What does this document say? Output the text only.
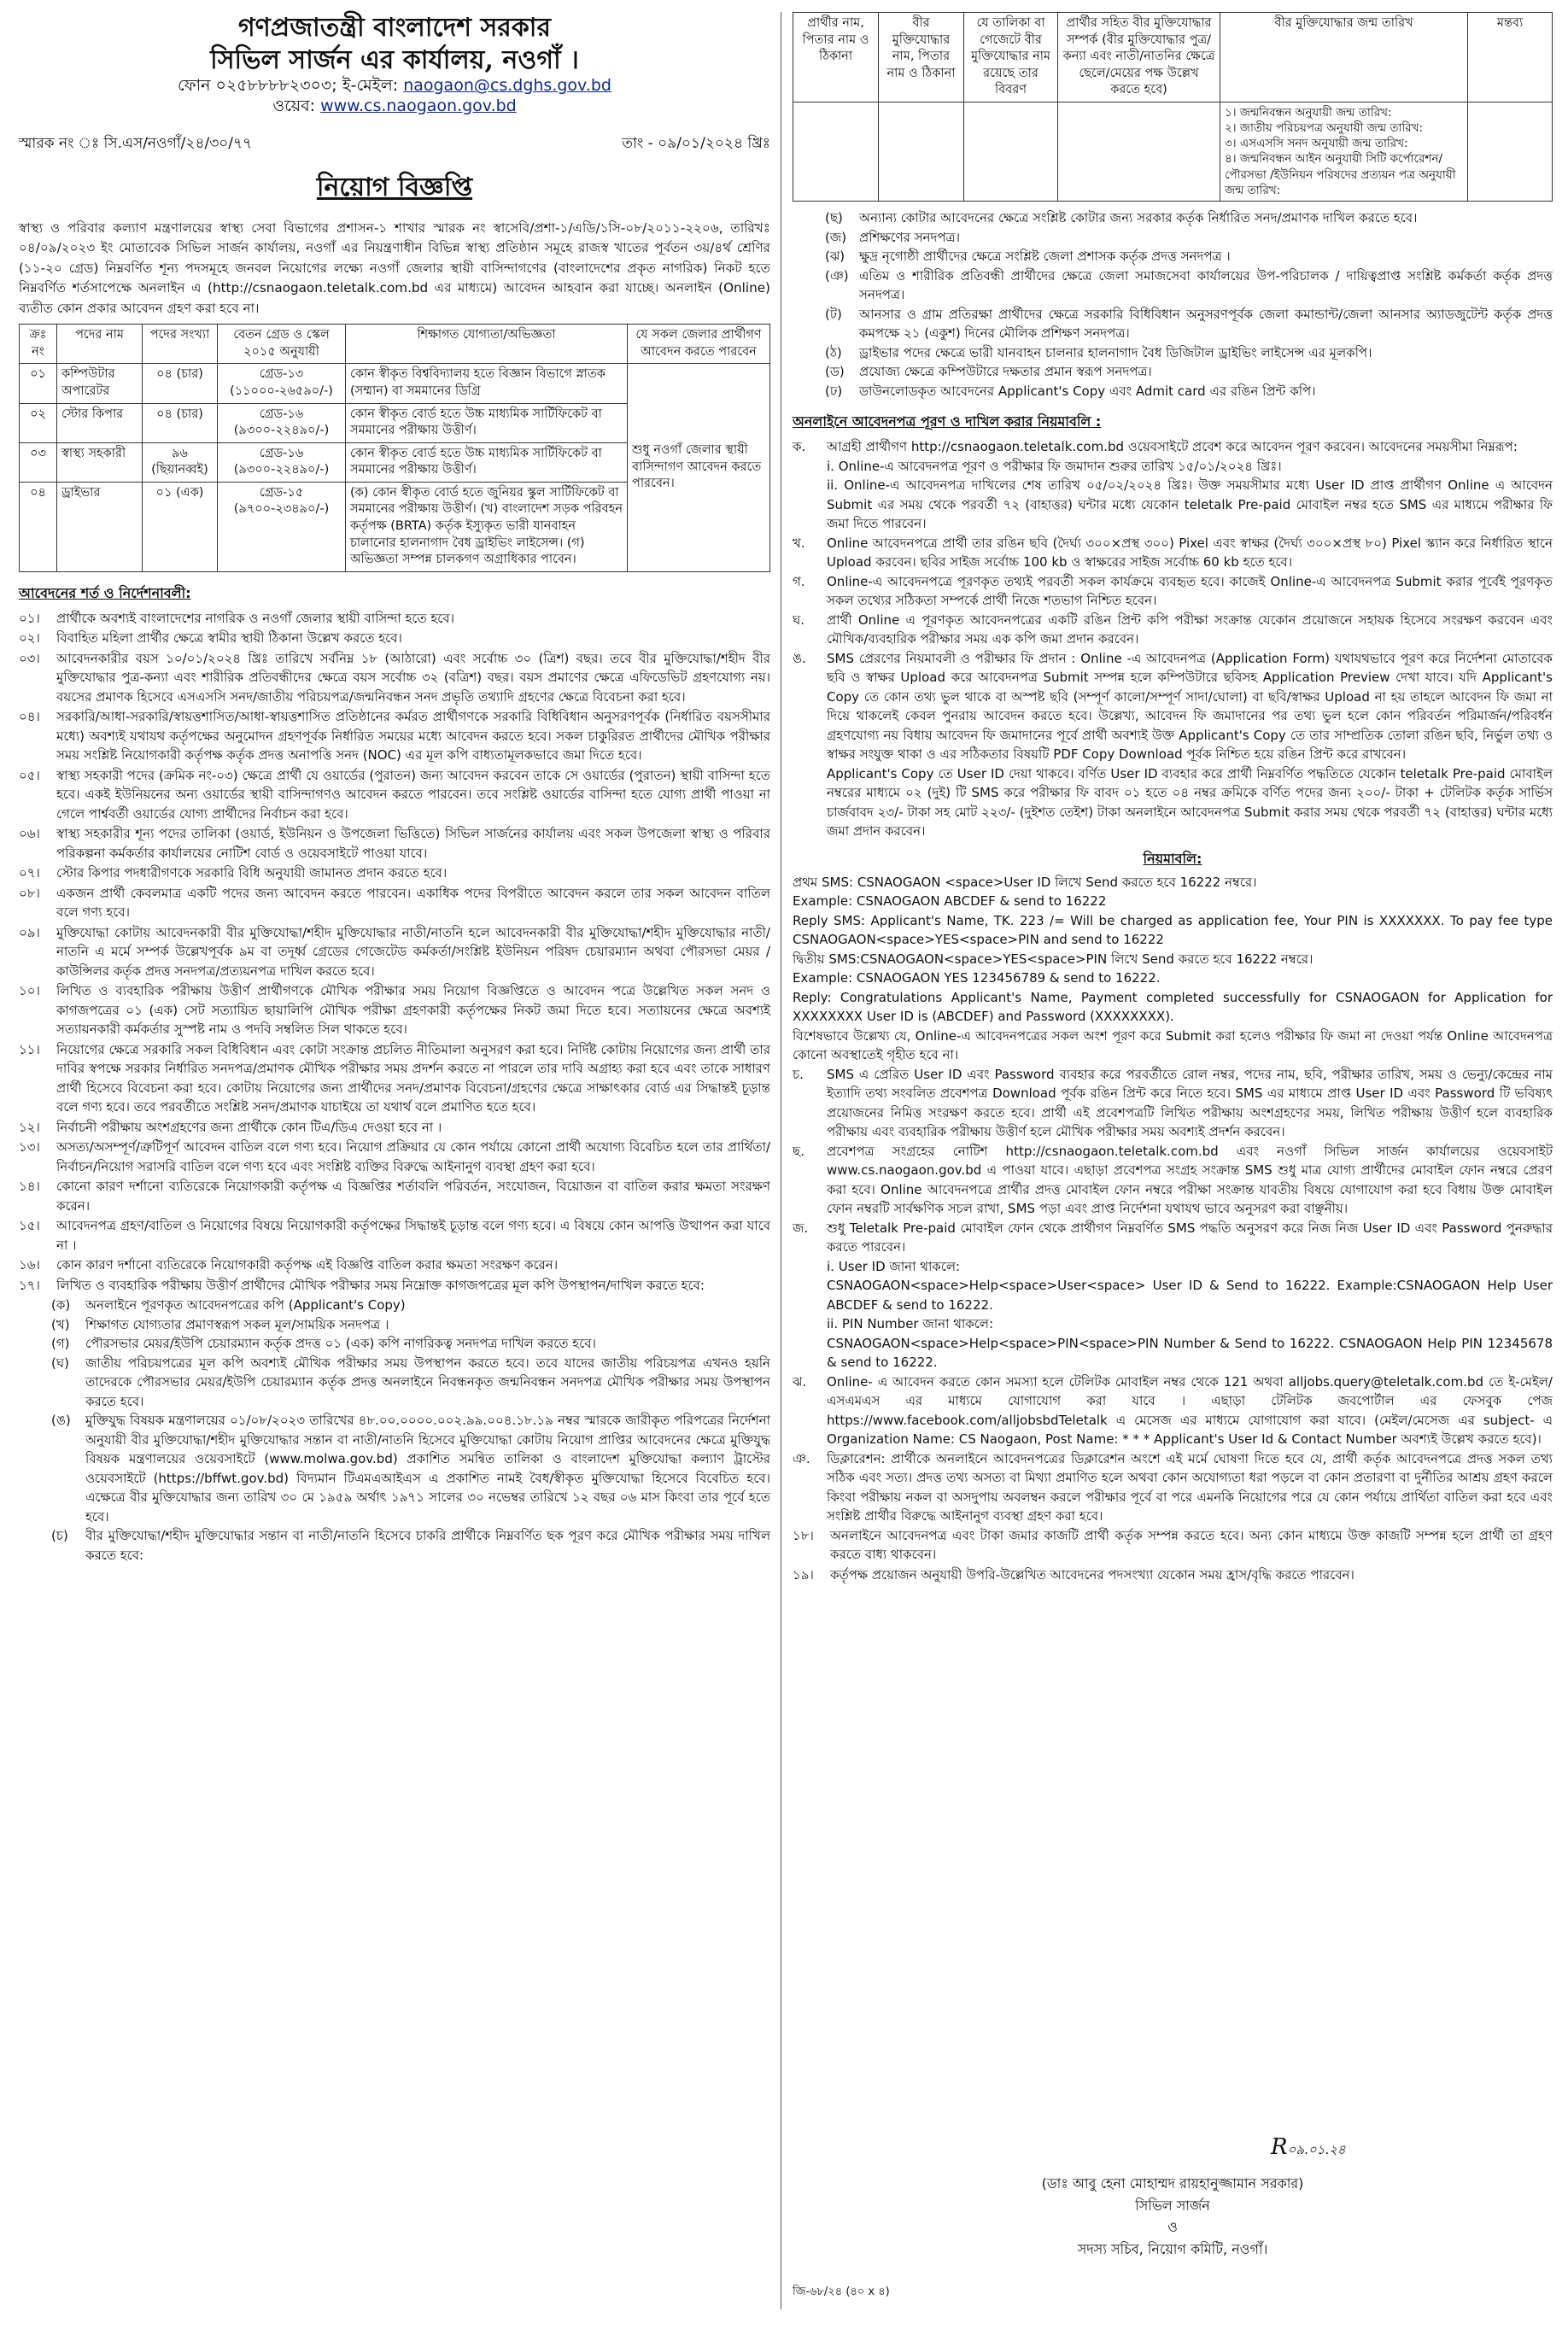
গণপ্রজাতন্ত্রী বাংলাদেশ সরকার
সিভিল সার্জন এর কার্যালয়, নওগাঁ ।
ফোন ০২৫৮৮৮৮২৩০৩; ই-মেইল: naogaon@cs.dghs.gov.bd
ওয়েব: www.cs.naogaon.gov.bd
স্মারক নং ঃ সি.এস/নওগাঁ/২৪/৩০/৭৭	তাং - ০৯/০১/২০২৪ খ্রিঃ
নিয়োগ বিজ্ঞপ্তি

স্বাস্থ্য ও পরিবার কল্যাণ মন্ত্রণালয়ের স্বাস্থ্য সেবা বিভাগের প্রশাসন-১ শাখার স্মারক নং স্বাসেবি/প্রশা-১/এডি/১সি-০৮/২০১১-২২০৬, তারিখঃ ০৪/০৯/২০২৩ ইং মোতাবেক সিভিল সার্জন কার্যালয়, নওগাঁ এর নিয়ন্ত্রণাধীন বিভিন্ন স্বাস্থ্য প্রতিষ্ঠান সমূহে রাজস্ব খাতের পূর্বতন ৩য়/৪র্থ শ্রেণির (১১-২০ গ্রেড) নিম্নবর্ণিত শূন্য পদসমূহে জনবল নিয়োগের লক্ষ্যে নওগাঁ জেলার স্থায়ী বাসিন্দাগণের (বাংলাদেশের প্রকৃত নাগরিক) নিকট হতে নিম্নবর্ণিত শর্তসাপেক্ষে অনলাইন এ (http://csnaogaon.teletalk.com.bd এর মাধ্যমে) আবেদন আহবান করা যাচ্ছে। অনলাইন (Online) ব্যতীত কোন প্রকার আবেদন গ্রহণ করা হবে না।

ক্রঃ নং	পদের নাম	পদের সংখ্যা	বেতন গ্রেড ও স্কেল ২০১৫ অনুযায়ী	শিক্ষাগত যোগ্যতা/অভিজ্ঞতা	যে সকল জেলার প্রার্থীগণ আবেদন করতে পারবেন
০১	কম্পিউটার অপারেটর	০৪ (চার)	গ্রেড-১৩ (১১০০০-২৬৫৯০/-)	কোন স্বীকৃত বিশ্ববিদ্যালয় হতে বিজ্ঞান বিভাগে স্নাতক (সম্মান) বা সমমানের ডিগ্রি	শুধু নওগাঁ জেলার স্থায়ী বাসিন্দাগণ আবেদন করতে পারবেন।
০২	স্টোর কিপার	০৪ (চার)	গ্রেড-১৬ (৯৩০০-২২৪৯০/-)	কোন স্বীকৃত বোর্ড হতে উচ্চ মাধ্যমিক সার্টিফিকেট বা সমমানের পরীক্ষায় উত্তীর্ণ।	
০৩	স্বাস্থ্য সহকারী	৯৬ (ছিয়ানব্বই)	গ্রেড-১৬ (৯৩০০-২২৪৯০/-)	কোন স্বীকৃত বোর্ড হতে উচ্চ মাধ্যমিক সার্টিফিকেট বা সমমানের পরীক্ষায় উত্তীর্ণ।	
০৪	ড্রাইভার	০১ (এক)	গ্রেড-১৫ (৯৭০০-২৩৪৯০/-)	(ক) কোন স্বীকৃত বোর্ড হতে জুনিয়র স্কুল সার্টিফিকেট বা সমমানের পরীক্ষায় উত্তীর্ণ। (খ) বাংলাদেশ সড়ক পরিবহন কর্তৃপক্ষ (BRTA) কর্তৃক ইস্যুকৃত ভারী যানবাহন চালানোর হালনাগাদ বৈধ ড্রাইভিং লাইসেন্স। (গ) অভিজ্ঞতা সম্পন্ন চালকগণ অগ্রাধিকার পাবেন।	
আবেদনের শর্ত ও নির্দেশনাবলী:
০১।	প্রার্থীকে অবশ্যই বাংলাদেশের নাগরিক ও নওগাঁ জেলার স্থায়ী বাসিন্দা হতে হবে।
০২।	বিবাহিত মহিলা প্রার্থীর ক্ষেত্রে স্বামীর স্থায়ী ঠিকানা উল্লেখ করতে হবে।
০৩।	আবেদনকারীর বয়স ১০/০১/২০২৪ খ্রিঃ তারিখে সর্বনিম্ন ১৮ (আঠারো) এবং সর্বোচ্চ ৩০ (ত্রিশ) বছর। তবে বীর মুক্তিযোদ্ধা/শহীদ বীর মুক্তিযোদ্ধার পুত্র-কন্যা এবং শারীরিক প্রতিবন্ধীদের ক্ষেত্রে বয়স সর্বোচ্চ ৩২ (বত্রিশ) বছর। বয়স প্রমাণের ক্ষেত্রে এফিডেভিট গ্রহণযোগ্য নয়। বয়সের প্রমাণক হিসেবে এসএসসি সনদ/জাতীয় পরিচয়পত্র/জন্মনিবন্ধন সনদ প্রভৃতি তথ্যাদি গ্রহণের ক্ষেত্রে বিবেচনা করা হবে।
০৪।	সরকারি/আধা-সরকারি/স্বায়ত্তশাসিত/আধা-স্বায়ত্তশাসিত প্রতিষ্ঠানের কর্মরত প্রার্থীগণকে সরকারি বিধিবিধান অনুসরণপূর্বক (নির্ধারিত বয়সসীমার মধ্যে) অবশ্যই যথাযথ কর্তৃপক্ষের অনুমোদন গ্রহণপূর্বক নির্ধারিত সময়ের মধ্যে আবেদন করতে হবে। সকল চাকুরিরত প্রার্থীদের মৌখিক পরীক্ষার সময় সংশ্লিষ্ট নিয়োগকারী কর্তৃপক্ষ কর্তৃক প্রদত্ত অনাপত্তি সনদ (NOC) এর মূল কপি বাধ্যতামূলকভাবে জমা দিতে হবে।
০৫।	স্বাস্থ্য সহকারী পদের (ক্রমিক নং-০৩) ক্ষেত্রে প্রার্থী যে ওয়ার্ডের (পুরাতন) জন্য আবেদন করবেন তাকে সে ওয়ার্ডের (পুরাতন) স্থায়ী বাসিন্দা হতে হবে। একই ইউনিয়নের অন্য ওয়ার্ডের স্থায়ী বাসিন্দাগণও আবেদন করতে পারবেন। তবে সংশ্লিষ্ট ওয়ার্ডের বাসিন্দা হতে যোগ্য প্রার্থী পাওয়া না গেলে পার্শ্ববর্তী ওয়ার্ডের যোগ্য প্রার্থীদের নির্বাচন করা হবে।
০৬।	স্বাস্থ্য সহকারীর শূন্য পদের তালিকা (ওয়ার্ড, ইউনিয়ন ও উপজেলা ভিত্তিতে) সিভিল সার্জনের কার্যালয় এবং সকল উপজেলা স্বাস্থ্য ও পরিবার পরিকল্পনা কর্মকর্তার কার্যালয়ের নোটিশ বোর্ড ও ওয়েবসাইটে পাওয়া যাবে।
০৭।	স্টোর কিপার পদধারীগণকে সরকারি বিধি অনুযায়ী জামানত প্রদান করতে হবে।
০৮।	একজন প্রার্থী কেবলমাত্র একটি পদের জন্য আবেদন করতে পারবেন। একাধিক পদের বিপরীতে আবেদন করলে তার সকল আবেদন বাতিল বলে গণ্য হবে।
০৯।	মুক্তিযোদ্ধা কোটায় আবেদনকারী বীর মুক্তিযোদ্ধা/শহীদ মুক্তিযোদ্ধার নাতী/নাতনি হলে আবেদনকারী বীর মুক্তিযোদ্ধা/শহীদ মুক্তিযোদ্ধার নাতী/নাতনি এ মর্মে সম্পর্ক উল্লেখপূর্বক ৯ম বা তদূর্ধ্ব গ্রেডের গেজেটেড কর্মকর্তা/সংশ্লিষ্ট ইউনিয়ন পরিষদ চেয়ারম্যান অথবা পৌরসভা মেয়র /কাউন্সিলর কর্তৃক প্রদত্ত সনদপত্র/প্রত্যয়নপত্র দাখিল করতে হবে।
১০।	লিখিত ও ব্যবহারিক পরীক্ষায় উত্তীর্ণ প্রার্থীগণকে মৌখিক পরীক্ষার সময় নিয়োগ বিজ্ঞপ্তিতে ও আবেদন পত্রে উল্লেখিত সকল সনদ ও কাগজপত্রের ০১ (এক) সেট সত্যায়িত ছায়ালিপি মৌখিক পরীক্ষা গ্রহণকারী কর্তৃপক্ষের নিকট জমা দিতে হবে। সত্যায়নের ক্ষেত্রে অবশ্যই সত্যায়নকারী কর্মকর্তার সুস্পষ্ট নাম ও পদবি সম্বলিত সিল থাকতে হবে।
১১।	নিয়োগের ক্ষেত্রে সরকারি সকল বিধিবিধান এবং কোটা সংক্রান্ত প্রচলিত নীতিমালা অনুসরণ করা হবে। নির্দিষ্ট কোটায় নিয়োগের জন্য প্রার্থী তার দাবির স্বপক্ষে সরকার নির্ধারিত সনদপত্র/প্রমাণক মৌখিক পরীক্ষার সময় প্রদর্শন করতে না পারলে তার দাবি অগ্রাহ্য করা হবে এবং তাকে সাধারণ প্রার্থী হিসেবে বিবেচনা করা হবে। কোটায় নিয়োগের জন্য প্রার্থীদের সনদ/প্রমাণক বিবেচনা/গ্রহণের ক্ষেত্রে সাক্ষাৎকার বোর্ড এর সিদ্ধান্তই চূড়ান্ত বলে গণ্য হবে। তবে পরবর্তীতে সংশ্লিষ্ট সনদ/প্রমাণক যাচাইয়ে তা যথার্থ বলে প্রমাণিত হতে হবে।
১২।	নির্বাচনী পরীক্ষায় অংশগ্রহণের জন্য প্রার্থীকে কোন টিএ/ডিএ দেওয়া হবে না ।
১৩।	অসত্য/অসম্পূর্ণ/ত্রুটিপূর্ণ আবেদন বাতিল বলে গণ্য হবে। নিয়োগ প্রক্রিয়ার যে কোন পর্যায়ে কোনো প্রার্থী অযোগ্য বিবেচিত হলে তার প্রার্থিতা/নির্বাচন/নিয়োগ সরাসরি বাতিল বলে গণ্য হবে এবং সংশ্লিষ্ট ব্যক্তির বিরুদ্ধে আইনানুগ ব্যবস্থা গ্রহণ করা হবে।
১৪।	কোনো কারণ দর্শানো ব্যতিরেকে নিয়োগকারী কর্তৃপক্ষ এ বিজ্ঞপ্তির শর্তাবলি পরিবর্তন, সংযোজন, বিয়োজন বা বাতিল করার ক্ষমতা সংরক্ষণ করেন।
১৫।	আবেদনপত্র গ্রহণ/বাতিল ও নিয়োগের বিষয়ে নিয়োগকারী কর্তৃপক্ষের সিদ্ধান্তই চূড়ান্ত বলে গণ্য হবে। এ বিষয়ে কোন আপত্তি উত্থাপন করা যাবে না ।
১৬।	কোন কারণ দর্শানো ব্যতিরেকে নিয়োগকারী কর্তৃপক্ষ এই বিজ্ঞপ্তি বাতিল করার ক্ষমতা সংরক্ষণ করেন।
১৭।	লিখিত ও ব্যবহারিক পরীক্ষায় উত্তীর্ণ প্রার্থীদের মৌখিক পরীক্ষার সময় নিম্নোক্ত কাগজপত্রের মূল কপি উপস্থাপন/দাখিল করতে হবে:
(ক)	অনলাইনে পূরণকৃত আবেদনপত্রের কপি (Applicant's Copy)
(খ)	শিক্ষাগত যোগ্যতার প্রমাণস্বরূপ সকল মূল/সাময়িক সনদপত্র ।
(গ)	পৌরসভার মেয়র/ইউপি চেয়ারম্যান কর্তৃক প্রদত্ত ০১ (এক) কপি নাগরিকত্ব সনদপত্র দাখিল করতে হবে।
(ঘ)	জাতীয় পরিচয়পত্রের মূল কপি অবশ্যই মৌখিক পরীক্ষার সময় উপস্থাপন করতে হবে। তবে যাদের জাতীয় পরিচয়পত্র এখনও হয়নি তাদেরকে পৌরসভার মেয়র/ইউপি চেয়ারম্যান কর্তৃক প্রদত্ত অনলাইনে নিবন্ধনকৃত জন্মনিবন্ধন সনদপত্র মৌখিক পরীক্ষার সময় উপস্থাপন করতে হবে।
(ঙ)	মুক্তিযুদ্ধ বিষয়ক মন্ত্রণালয়ের ০১/০৮/২০২৩ তারিখের ৪৮.০০.০০০০.০০২.৯৯.০০৪.১৮.১৯ নম্বর স্মারকে জারীকৃত পরিপত্রের নির্দেশনা অনুযায়ী বীর মুক্তিযোদ্ধা/শহীদ মুক্তিযোদ্ধার সন্তান বা নাতী/নাতনি হিসেবে মুক্তিযোদ্ধা কোটায় নিয়োগ প্রাপ্তির আবেদনের ক্ষেত্রে মুক্তিযুদ্ধ বিষয়ক মন্ত্রণালয়ের ওয়েবসাইটে (www.molwa.gov.bd) প্রকাশিত সমন্বিত তালিকা ও বাংলাদেশ মুক্তিযোদ্ধা কল্যাণ ট্রাস্টের ওয়েবসাইটে (https://bffwt.gov.bd) বিদ্যমান টিএমএআইএস এ প্রকাশিত নামই বৈধ/স্বীকৃত মুক্তিযোদ্ধা হিসেবে বিবেচিত হবে। এক্ষেত্রে বীর মুক্তিযোদ্ধার জন্য তারিখ ৩০ মে ১৯৫৯ অর্থাৎ ১৯৭১ সালের ৩০ নভেম্বর তারিখে ১২ বছর ০৬ মাস কিংবা তার পূর্বে হতে হবে।
(চ)	বীর মুক্তিযোদ্ধা/শহীদ মুক্তিযোদ্ধার সন্তান বা নাতী/নাতনি হিসেবে চাকরি প্রার্থীকে নিম্নবর্ণিত ছক পূরণ করে মৌখিক পরীক্ষার সময় দাখিল করতে হবে:
প্রার্থীর নাম, পিতার নাম ও ঠিকানা	বীর মুক্তিযোদ্ধার নাম, পিতার নাম ও ঠিকানা	যে তালিকা বা গেজেটে বীর মুক্তিযোদ্ধার নাম রয়েছে তার বিবরণ	প্রার্থীর সহিত বীর মুক্তিযোদ্ধার সম্পর্ক (বীর মুক্তিযোদ্ধার পুত্র/কন্যা এবং নাতী/নাতনির ক্ষেত্রে ছেলে/মেয়ের পক্ষ উল্লেখ করতে হবে)	বীর মুক্তিযোদ্ধার জন্ম তারিখ	মন্তব্য

				১। জন্মনিবন্ধন অনুযায়ী জন্ম তারিখ:
২। জাতীয় পরিচয়পত্র অনুযায়ী জন্ম তারিখ:
৩। এসএসসি সনদ অনুযায়ী জন্ম তারিখ:
৪। জন্মনিবন্ধন আইন অনুযায়ী সিটি কর্পোরেশন/পৌরসভা /ইউনিয়ন পরিষদের প্রত্যয়ন পত্র অনুযায়ী জন্ম তারিখ:	

(ছ)	অন্যান্য কোটার আবেদনের ক্ষেত্রে সংশ্লিষ্ট কোটার জন্য সরকার কর্তৃক নির্ধারিত সনদ/প্রমাণক দাখিল করতে হবে।
(জ) প্রশিক্ষণের সনদপত্র।
(ঝ)	ক্ষুদ্র নৃগোষ্ঠী প্রার্থীদের ক্ষেত্রে সংশ্লিষ্ট জেলা প্রশাসক কর্তৃক প্রদত্ত সনদপত্র ।
(ঞ) এতিম ও শারীরিক প্রতিবন্ধী প্রার্থীদের ক্ষেত্রে জেলা সমাজসেবা কার্যালয়ের উপ-পরিচালক / দায়িত্বপ্রাপ্ত সংশ্লিষ্ট কর্মকর্তা কর্তৃক প্রদত্ত সনদপত্র।
(ট)	আনসার ও গ্রাম প্রতিরক্ষা প্রার্থীদের ক্ষেত্রে সরকারি বিধিবিধান অনুসরণপূর্বক জেলা কমান্ডান্ট/জেলা আনসার অ্যাডজুটেন্ট কর্তৃক প্রদত্ত কমপক্ষে ২১ (একুশ) দিনের মৌলিক প্রশিক্ষণ সনদপত্র।
(ঠ)	ড্রাইভার পদের ক্ষেত্রে ভারী যানবাহন চালনার হালনাগাদ বৈধ ডিজিটাল ড্রাইভিং লাইসেন্স এর মূলকপি।
(ড)	প্রযোজ্য ক্ষেত্রে কম্পিউটারে দক্ষতার প্রমান স্বরূপ সনদপত্র।
(ঢ)	ডাউনলোডকৃত আবেদনের Applicant's Copy এবং Admit card এর রঙিন প্রিন্ট কপি।
অনলাইনে আবেদনপত্র পূরণ ও দাখিল করার নিয়মাবলি :
ক.	আগ্রহী প্রার্থীগণ http://csnaogaon.teletalk.com.bd ওয়েবসাইটে প্রবেশ করে আবেদন পূরণ করবেন। আবেদনের সময়সীমা নিম্নরূপ:
i. Online-এ আবেদনপত্র পূরণ ও পরীক্ষার ফি জমাদান শুরুর তারিখ ১৫/০১/২০২৪ খ্রিঃ।
ii. Online-এ আবেদনপত্র দাখিলের শেষ তারিখ ০৫/০২/২০২৪ খ্রিঃ। উক্ত সময়সীমার মধ্যে User ID প্রাপ্ত প্রার্থীগণ Online এ আবেদন Submit এর সময় থেকে পরবর্তী ৭২ (বাহাত্তর) ঘন্টার মধ্যে যেকোন teletalk Pre-paid মোবাইল নম্বর হতে SMS এর মাধ্যমে পরীক্ষার ফি জমা দিতে পারবেন।
খ.	Online আবেদনপত্রে প্রার্থী তার রঙিন ছবি (দৈর্ঘ্য ৩০০×প্রস্থ ৩০০) Pixel এবং স্বাক্ষর (দৈর্ঘ্য ৩০০×প্রস্থ ৮০) Pixel স্ক্যান করে নির্ধারিত স্থানে Upload করবেন। ছবির সাইজ সর্বোচ্চ 100 kb ও স্বাক্ষরের সাইজ সর্বোচ্চ 60 kb হতে হবে।
গ.	Online-এ আবেদনপত্রে পূরণকৃত তথ্যই পরবর্তী সকল কার্যক্রমে ব্যবহৃত হবে। কাজেই Online-এ আবেদনপত্র Submit করার পূর্বেই পূরণকৃত সকল তথ্যের সঠিকতা সম্পর্কে প্রার্থী নিজে শতভাগ নিশ্চিত হবেন।
ঘ.	প্রার্থী Online এ পূরণকৃত আবেদনপত্রের একটি রঙিন প্রিন্ট কপি পরীক্ষা সংক্রান্ত যেকোন প্রয়োজনে সহায়ক হিসেবে সংরক্ষণ করবেন এবং মৌখিক/ব্যবহারিক পরীক্ষার সময় এক কপি জমা প্রদান করবেন।
ঙ.	SMS প্রেরণের নিয়মাবলী ও পরীক্ষার ফি প্রদান : Online -এ আবেদনপত্র (Application Form) যথাযথভাবে পূরণ করে নির্দেশনা মোতাবেক ছবি ও স্বাক্ষর Upload করে আবেদনপত্র Submit সম্পন্ন হলে কম্পিউটারে ছবিসহ Application Preview দেখা যাবে। যদি Applicant's Copy তে কোন তথ্য ভুল থাকে বা অস্পষ্ট ছবি (সম্পূর্ণ কালো/সম্পূর্ণ সাদা/ঘোলা) বা ছবি/স্বাক্ষর Upload না হয় তাহলে আবেদন ফি জমা না দিয়ে থাকলেই কেবল পুনরায় আবেদন করতে হবে। উল্লেখ্য, আবেদন ফি জমাদানের পর তথ্য ভুল হলে কোন পরিবর্তন পরিমার্জন/পরিবর্ধন গ্রহণযোগ্য নয় বিধায় আবেদন ফি জমাদানের পূর্বে প্রার্থী অবশ্যই উক্ত Applicant's Copy তে তার সাম্প্রতিক তোলা রঙিন ছবি, নির্ভুল তথ্য ও স্বাক্ষর সংযুক্ত থাকা ও এর সঠিকতার বিষয়টি PDF Copy Download পূর্বক নিশ্চিত হয়ে রঙিন প্রিন্ট করে রাখবেন।
Applicant's Copy তে User ID দেয়া থাকবে। বর্ণিত User ID ব্যবহার করে প্রার্থী নিম্নবর্ণিত পদ্ধতিতে যেকোন teletalk Pre-paid মোবাইল নম্বরের মাধ্যমে ০২ (দুই) টি SMS করে পরীক্ষার ফি বাবদ ০১ হতে ০৪ নম্বর ক্রমিকে বর্ণিত পদের জন্য ২০০/- টাকা + টেলিটক কর্তৃক সার্ভিস চার্জবাবদ ২৩/- টাকা সহ মোট ২২৩/- (দুইশত তেইশ) টাকা অনলাইনে আবেদনপত্র Submit করার সময় থেকে পরবর্তী ৭২ (বাহাত্তর) ঘন্টার মধ্যে জমা প্রদান করবেন।
নিয়মাবলি:
প্রথম SMS: CSNAOGAON <space>User ID লিখে Send করতে হবে 16222 নম্বরে।
Example: CSNAOGAON ABCDEF & send to 16222
Reply SMS: Applicant's Name, TK. 223 /= Will be charged as application fee, Your PIN is XXXXXXX. To pay fee type CSNAOGAON<space>YES<space>PIN and send to 16222
দ্বিতীয় SMS:CSNAOGAON<space>YES<space>PIN লিখে Send করতে হবে 16222 নম্বরে।
Example: CSNAOGAON YES 123456789 & send to 16222.
Reply: Congratulations Applicant's Name, Payment completed successfully for CSNAOGAON for Application for XXXXXXXX User ID is (ABCDEF) and Password (XXXXXXXX).
বিশেষভাবে উল্লেখ্য যে, Online-এ আবেদনপত্রের সকল অংশ পূরণ করে Submit করা হলেও পরীক্ষার ফি জমা না দেওয়া পর্যন্ত Online আবেদনপত্র কোনো অবস্থাতেই গৃহীত হবে না।
চ.	SMS এ প্রেরিত User ID এবং Password ব্যবহার করে পরবর্তীতে রোল নম্বর, পদের নাম, ছবি, পরীক্ষার তারিখ, সময় ও ভেন্যু/কেন্দ্রের নাম ইত্যাদি তথ্য সংবলিত প্রবেশপত্র Download পূর্বক রঙিন প্রিন্ট করে নিতে হবে। SMS এর মাধ্যমে প্রাপ্ত User ID এবং Password টি ভবিষ্যৎ প্রয়োজনের নিমিত্ত সংরক্ষণ করতে হবে। প্রার্থী এই প্রবেশপত্রটি লিখিত পরীক্ষায় অংশগ্রহণের সময়, লিখিত পরীক্ষায় উত্তীর্ণ হলে ব্যবহারিক পরীক্ষায় এবং ব্যবহারিক পরীক্ষায় উত্তীর্ণ হলে মৌখিক পরীক্ষার সময় অবশ্যই প্রদর্শন করবেন।
ছ.	প্রবেশপত্র সংগ্রহের নোটিশ http://csnaogaon.teletalk.com.bd এবং নওগাঁ সিভিল সার্জন কার্যালয়ের ওয়েবসাইট www.cs.naogaon.gov.bd এ পাওয়া যাবে। এছাড়া প্রবেশপত্র সংগ্রহ সংক্রান্ত SMS শুধু মাত্র যোগ্য প্রার্থীদের মোবাইল ফোন নম্বরে প্রেরণ করা হবে। Online আবেদনপত্রে প্রার্থীর প্রদত্ত মোবাইল ফোন নম্বরে পরীক্ষা সংক্রান্ত যাবতীয় বিষয়ে যোগাযোগ করা হবে বিধায় উক্ত মোবাইল ফোন নম্বরটি সার্বক্ষণিক সচল রাখা, SMS পড়া এবং প্রাপ্ত নির্দেশনা যথাযথ ভাবে অনুসরণ করা বাঞ্ছনীয়।
জ.	শুধু Teletalk Pre-paid মোবাইল ফোন থেকে প্রার্থীগণ নিম্নবর্ণিত SMS পদ্ধতি অনুসরণ করে নিজ নিজ User ID এবং Password পুনরুদ্ধার করতে পারবেন।
i. User ID জানা থাকলে:
CSNAOGAON<space>Help<space>User<space> User ID & Send to 16222. Example:CSNAOGAON Help User ABCDEF & send to 16222.
ii. PIN Number জানা থাকলে:
CSNAOGAON<space>Help<space>PIN<space>PIN Number & Send to 16222. CSNAOGAON Help PIN 12345678 & send to 16222.
ঝ.	Online- এ আবেদন করতে কোন সমস্যা হলে টেলিটক মোবাইল নম্বর থেকে 121 অথবা alljobs.query@teletalk.com.bd তে ই-মেইল/এসএমএস এর মাধ্যমে যোগাযোগ করা যাবে । এছাড়া টেলিটক জবপোর্টাল এর ফেসবুক পেজ https://www.facebook.com/alljobsbdTeletalk এ মেসেজ এর মাধ্যমে যোগাযোগ করা যাবে। (মেইল/মেসেজ এর subject- এ Organization Name: CS Naogaon, Post Name: * * * Applicant's User Id & Contact Number অবশ্যই উল্লেখ করতে হবে)।
ঞ.	ডিক্লারেশন: প্রার্থীকে অনলাইনে আবেদনপত্রের ডিক্লারেশন অংশে এই মর্মে ঘোষণা দিতে হবে যে, প্রার্থী কর্তৃক আবেদনপত্রে প্রদত্ত সকল তথ্য সঠিক এবং সত্য। প্রদত্ত তথ্য অসত্য বা মিথ্যা প্রমাণিত হলে অথবা কোন অযোগ্যতা ধরা পড়লে বা কোন প্রতারণা বা দুর্নীতির আশ্রয় গ্রহণ করলে কিংবা পরীক্ষায় নকল বা অসদুপায় অবলম্বন করলে পরীক্ষার পূর্বে বা পরে এমনকি নিয়োগের পরে যে কোন পর্যায়ে প্রার্থিতা বাতিল করা হবে এবং সংশ্লিষ্ট প্রার্থীর বিরুদ্ধে আইনানুগ ব্যবস্থা গ্রহণ করা হবে।
১৮।	অনলাইনে আবেদনপত্র এবং টাকা জমার কাজটি প্রার্থী কর্তৃক সম্পন্ন করতে হবে। অন্য কোন মাধ্যমে উক্ত কাজটি সম্পন্ন হলে প্রার্থী তা গ্রহণ করতে বাধ্য থাকবেন।
১৯।	কর্তৃপক্ষ প্রয়োজন অনুযায়ী উপরি-উল্লেখিত আবেদনের পদসংখ্যা যেকোন সময় হ্রাস/বৃদ্ধি করতে পারবেন।
R০৯.০১.২৪
(ডাঃ আবু হেনা মোহাম্মদ রায়হানুজ্জামান সরকার)
সিভিল সার্জন
ও
সদস্য সচিব, নিয়োগ কমিটি, নওগাঁ।
জি-৬৮/২৪ (৪০ x ৪)
